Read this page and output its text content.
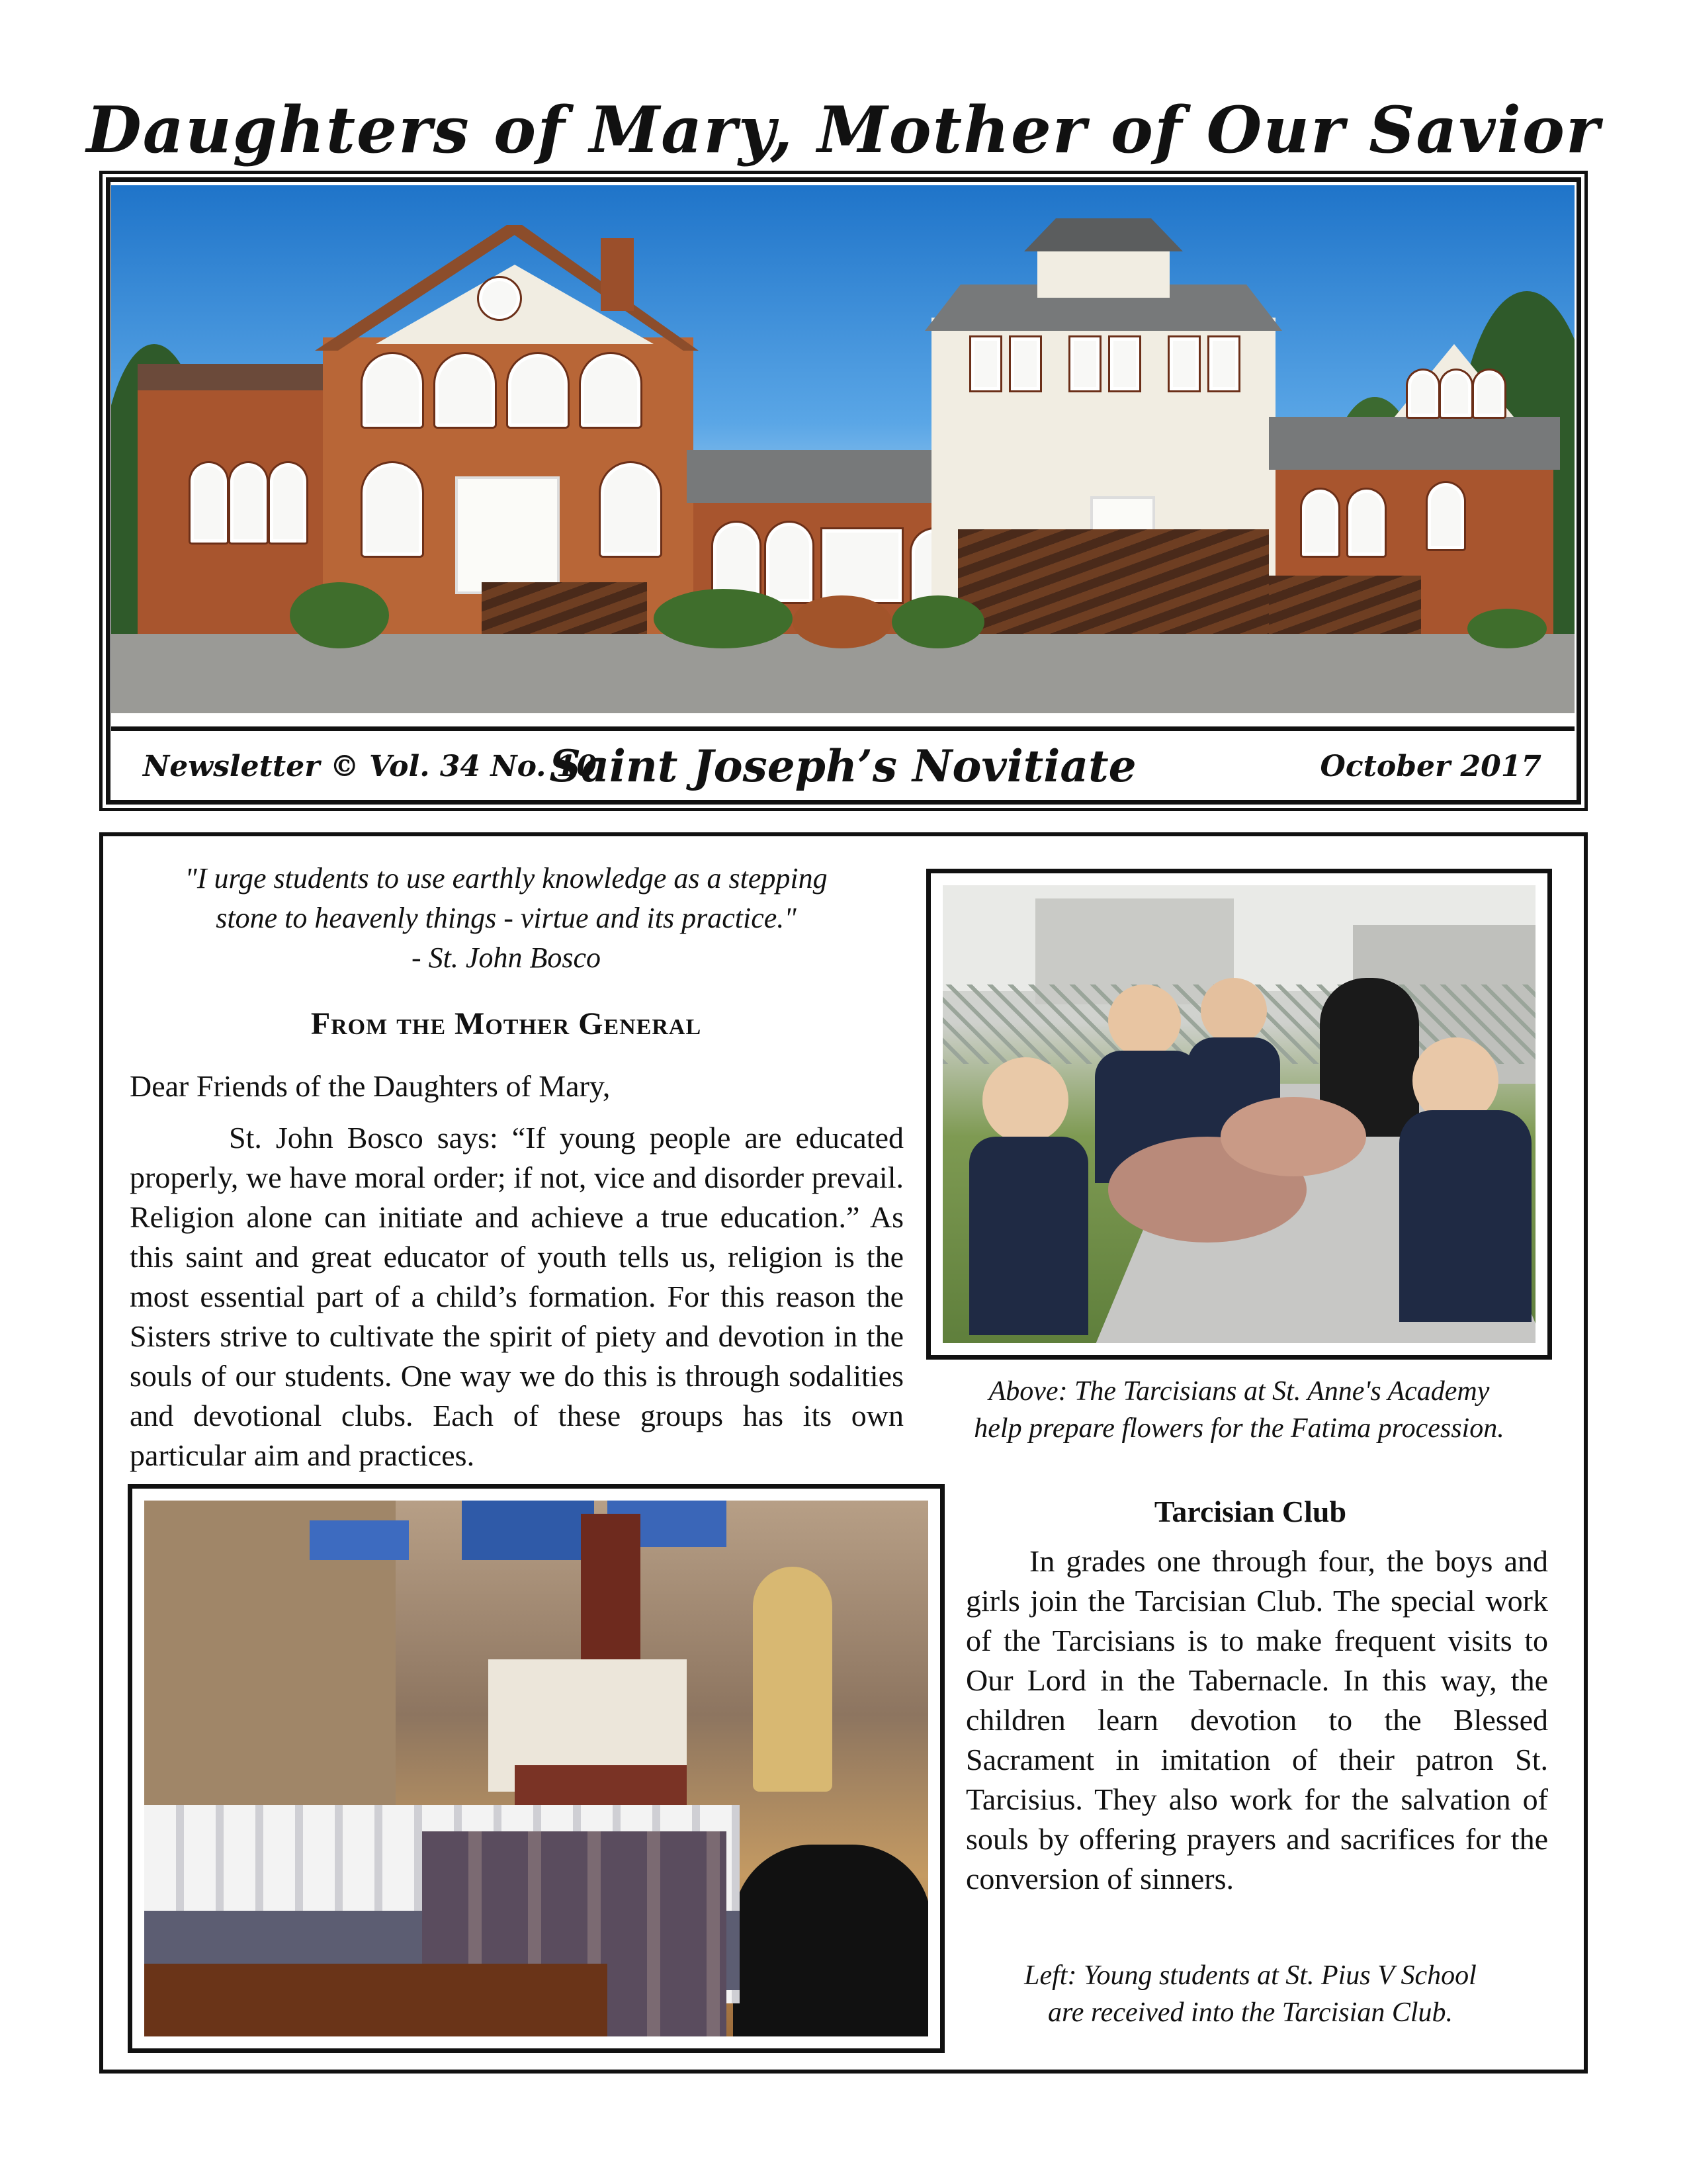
Daughters of Mary, Mother of Our Savior
Newsletter © Vol. 34 No. 10
Saint Joseph’s Novitiate	October 2017
"I urge students to use earthly knowledge as a stepping
stone to heavenly things - virtue and its practice."
- St. John Bosco
From the Mother General
Dear Friends of the Daughters of Mary,
St. John Bosco says: “If young people are educated properly, we have moral order; if not, vice and disorder prevail. Religion alone can initiate and achieve a true education.” As this saint and great educator of youth tells us, religion is the most essential part of a child’s formation. For this reason the Sisters strive to cultivate the spirit of piety and devotion in the souls of our students. One way we do this is through sodalities and devotional clubs. Each of these groups has its own particular aim and practices.
Above: The Tarcisians at St. Anne's Academy
help prepare flowers for the Fatima procession.
Tarcisian Club
In grades one through four, the boys and girls join the Tarcisian Club. The special work of the Tarcisians is to make frequent visits to Our Lord in the Tabernacle. In this way, the children learn devotion to the Blessed Sacrament in imitation of their patron St. Tarcisius. They also work for the salvation of souls by offering prayers and sacrifices for the conversion of sinners.
Left: Young students at St. Pius V School
are received into the Tarcisian Club.
